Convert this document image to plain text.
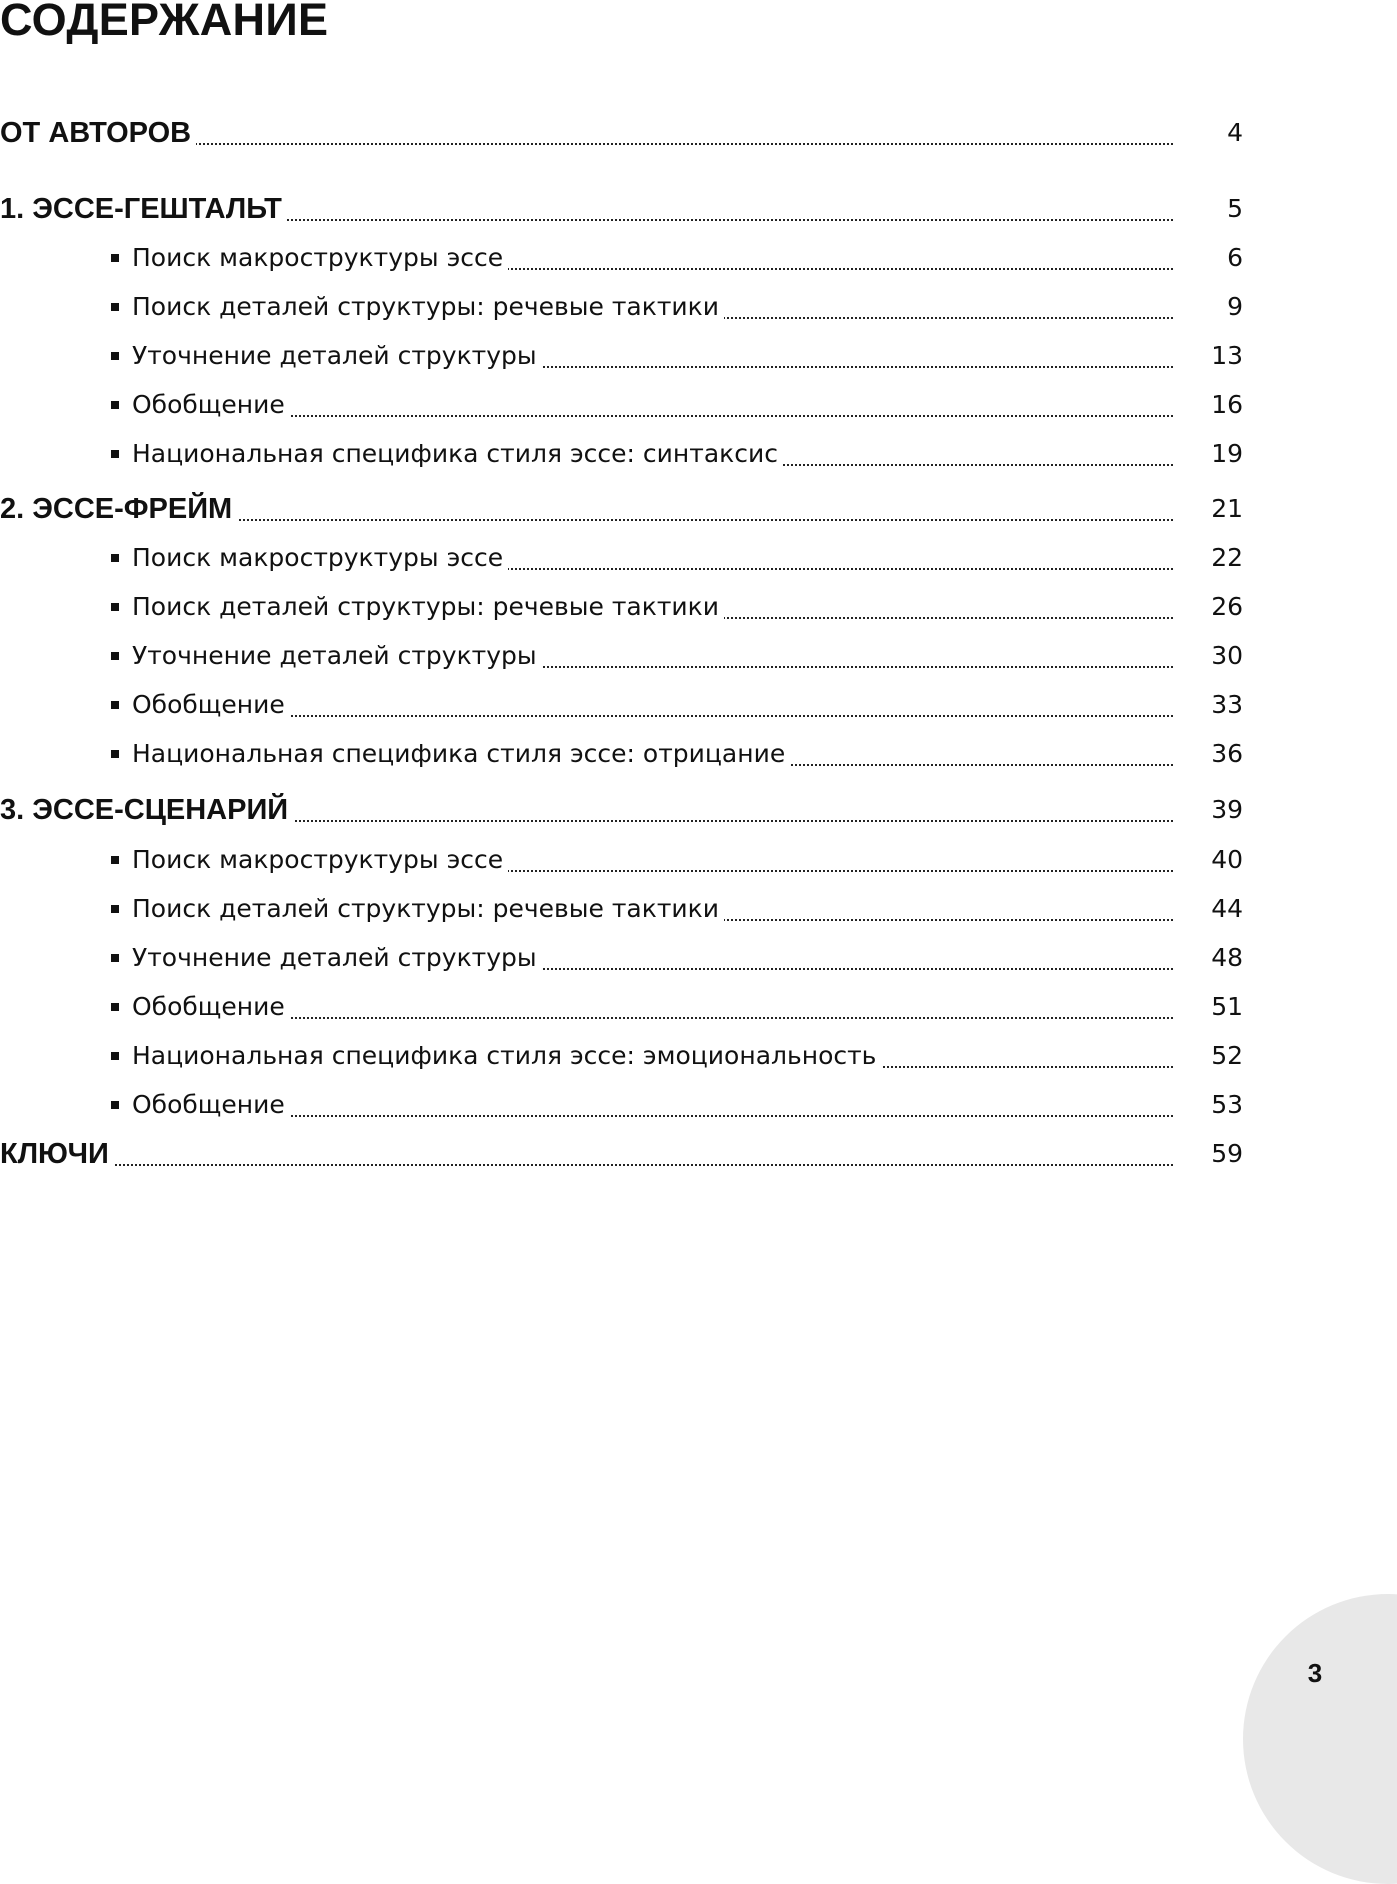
СОДЕРЖАНИЕ
ОТ АВТОРОВ	4
1. ЭССЕ-ГЕШТАЛЬТ	5
Поиск макроструктуры эссе	6
Поиск деталей структуры: речевые тактики	9
Уточнение деталей структуры	13
Обобщение	16
Национальная специфика стиля эссе: синтаксис	19
2. ЭССЕ-ФРЕЙМ	21
Поиск макроструктуры эссе	22
Поиск деталей структуры: речевые тактики	26
Уточнение деталей структуры	30
Обобщение	33
Национальная специфика стиля эссе: отрицание	36
3. ЭССЕ-СЦЕНАРИЙ	39
Поиск макроструктуры эссе	40
Поиск деталей структуры: речевые тактики	44
Уточнение деталей структуры	48
Обобщение	51
Национальная специфика стиля эссе: эмоциональность	52
Обобщение	53
КЛЮЧИ	59
3
